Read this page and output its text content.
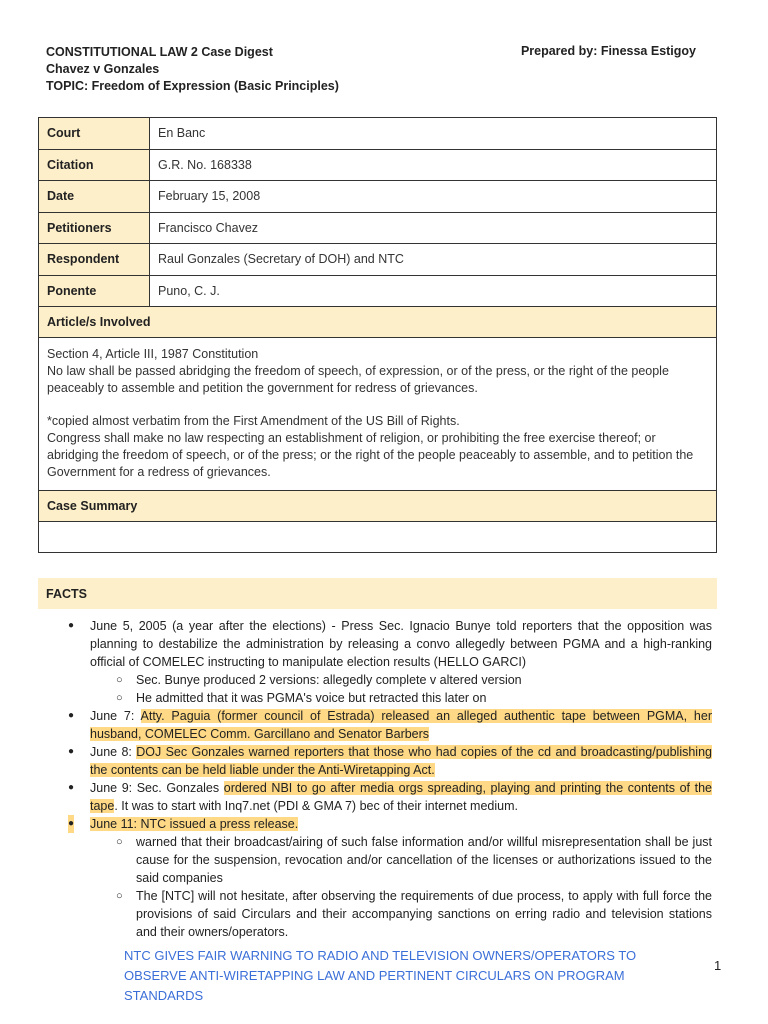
CONSTITUTIONAL LAW 2 Case Digest
Chavez v Gonzales
TOPIC: Freedom of Expression (Basic Principles)
Prepared by: Finessa Estigoy
Court	En Banc
Citation	G.R. No. 168338
Date	February 15, 2008
Petitioners	Francisco Chavez
Respondent	Raul Gonzales (Secretary of DOH) and NTC
Ponente	Puno, C. J.
Article/s Involved	

Section 4, Article III, 1987 Constitution
No law shall be passed abridging the freedom of speech, of expression, or of the press, or the right of the people peaceably to assemble and petition the government for redress of grievances.
*copied almost verbatim from the First Amendment of the US Bill of Rights.
Congress shall make no law respecting an establishment of religion, or prohibiting the free exercise thereof; or abridging the freedom of speech, or of the press; or the right of the people peaceably to assemble, and to petition the Government for a redress of grievances.	

Case Summary	

FACTS
● June 5, 2005 (a year after the elections) - Press Sec. Ignacio Bunye told reporters that the opposition was planning to destabilize the administration by releasing a convo allegedly between PGMA and a high-ranking official of COMELEC instructing to manipulate election results (HELLO GARCI)
○ Sec. Bunye produced 2 versions: allegedly complete v altered version
○ He admitted that it was PGMA's voice but retracted this later on
● June 7: Atty. Paguia (former council of Estrada) released an alleged authentic tape between PGMA, her husband, COMELEC Comm. Garcillano and Senator Barbers
● June 8: DOJ Sec Gonzales warned reporters that those who had copies of the cd and broadcasting/publishing the contents can be held liable under the Anti-Wiretapping Act.
● June 9: Sec. Gonzales ordered NBI to go after media orgs spreading, playing and printing the contents of the tape. It was to start with Inq7.net (PDI & GMA 7) bec of their internet medium.
● June 11: NTC issued a press release.
○ warned that their broadcast/airing of such false information and/or willful misrepresentation shall be just cause for the suspension, revocation and/or cancellation of the licenses or authorizations issued to the said companies
○ The [NTC] will not hesitate, after observing the requirements of due process, to apply with full force the provisions of said Circulars and their accompanying sanctions on erring radio and television stations and their owners/operators.
NTC GIVES FAIR WARNING TO RADIO AND TELEVISION OWNERS/OPERATORS TO OBSERVE ANTI-WIRETAPPING LAW AND PERTINENT CIRCULARS ON PROGRAM STANDARDS
1
